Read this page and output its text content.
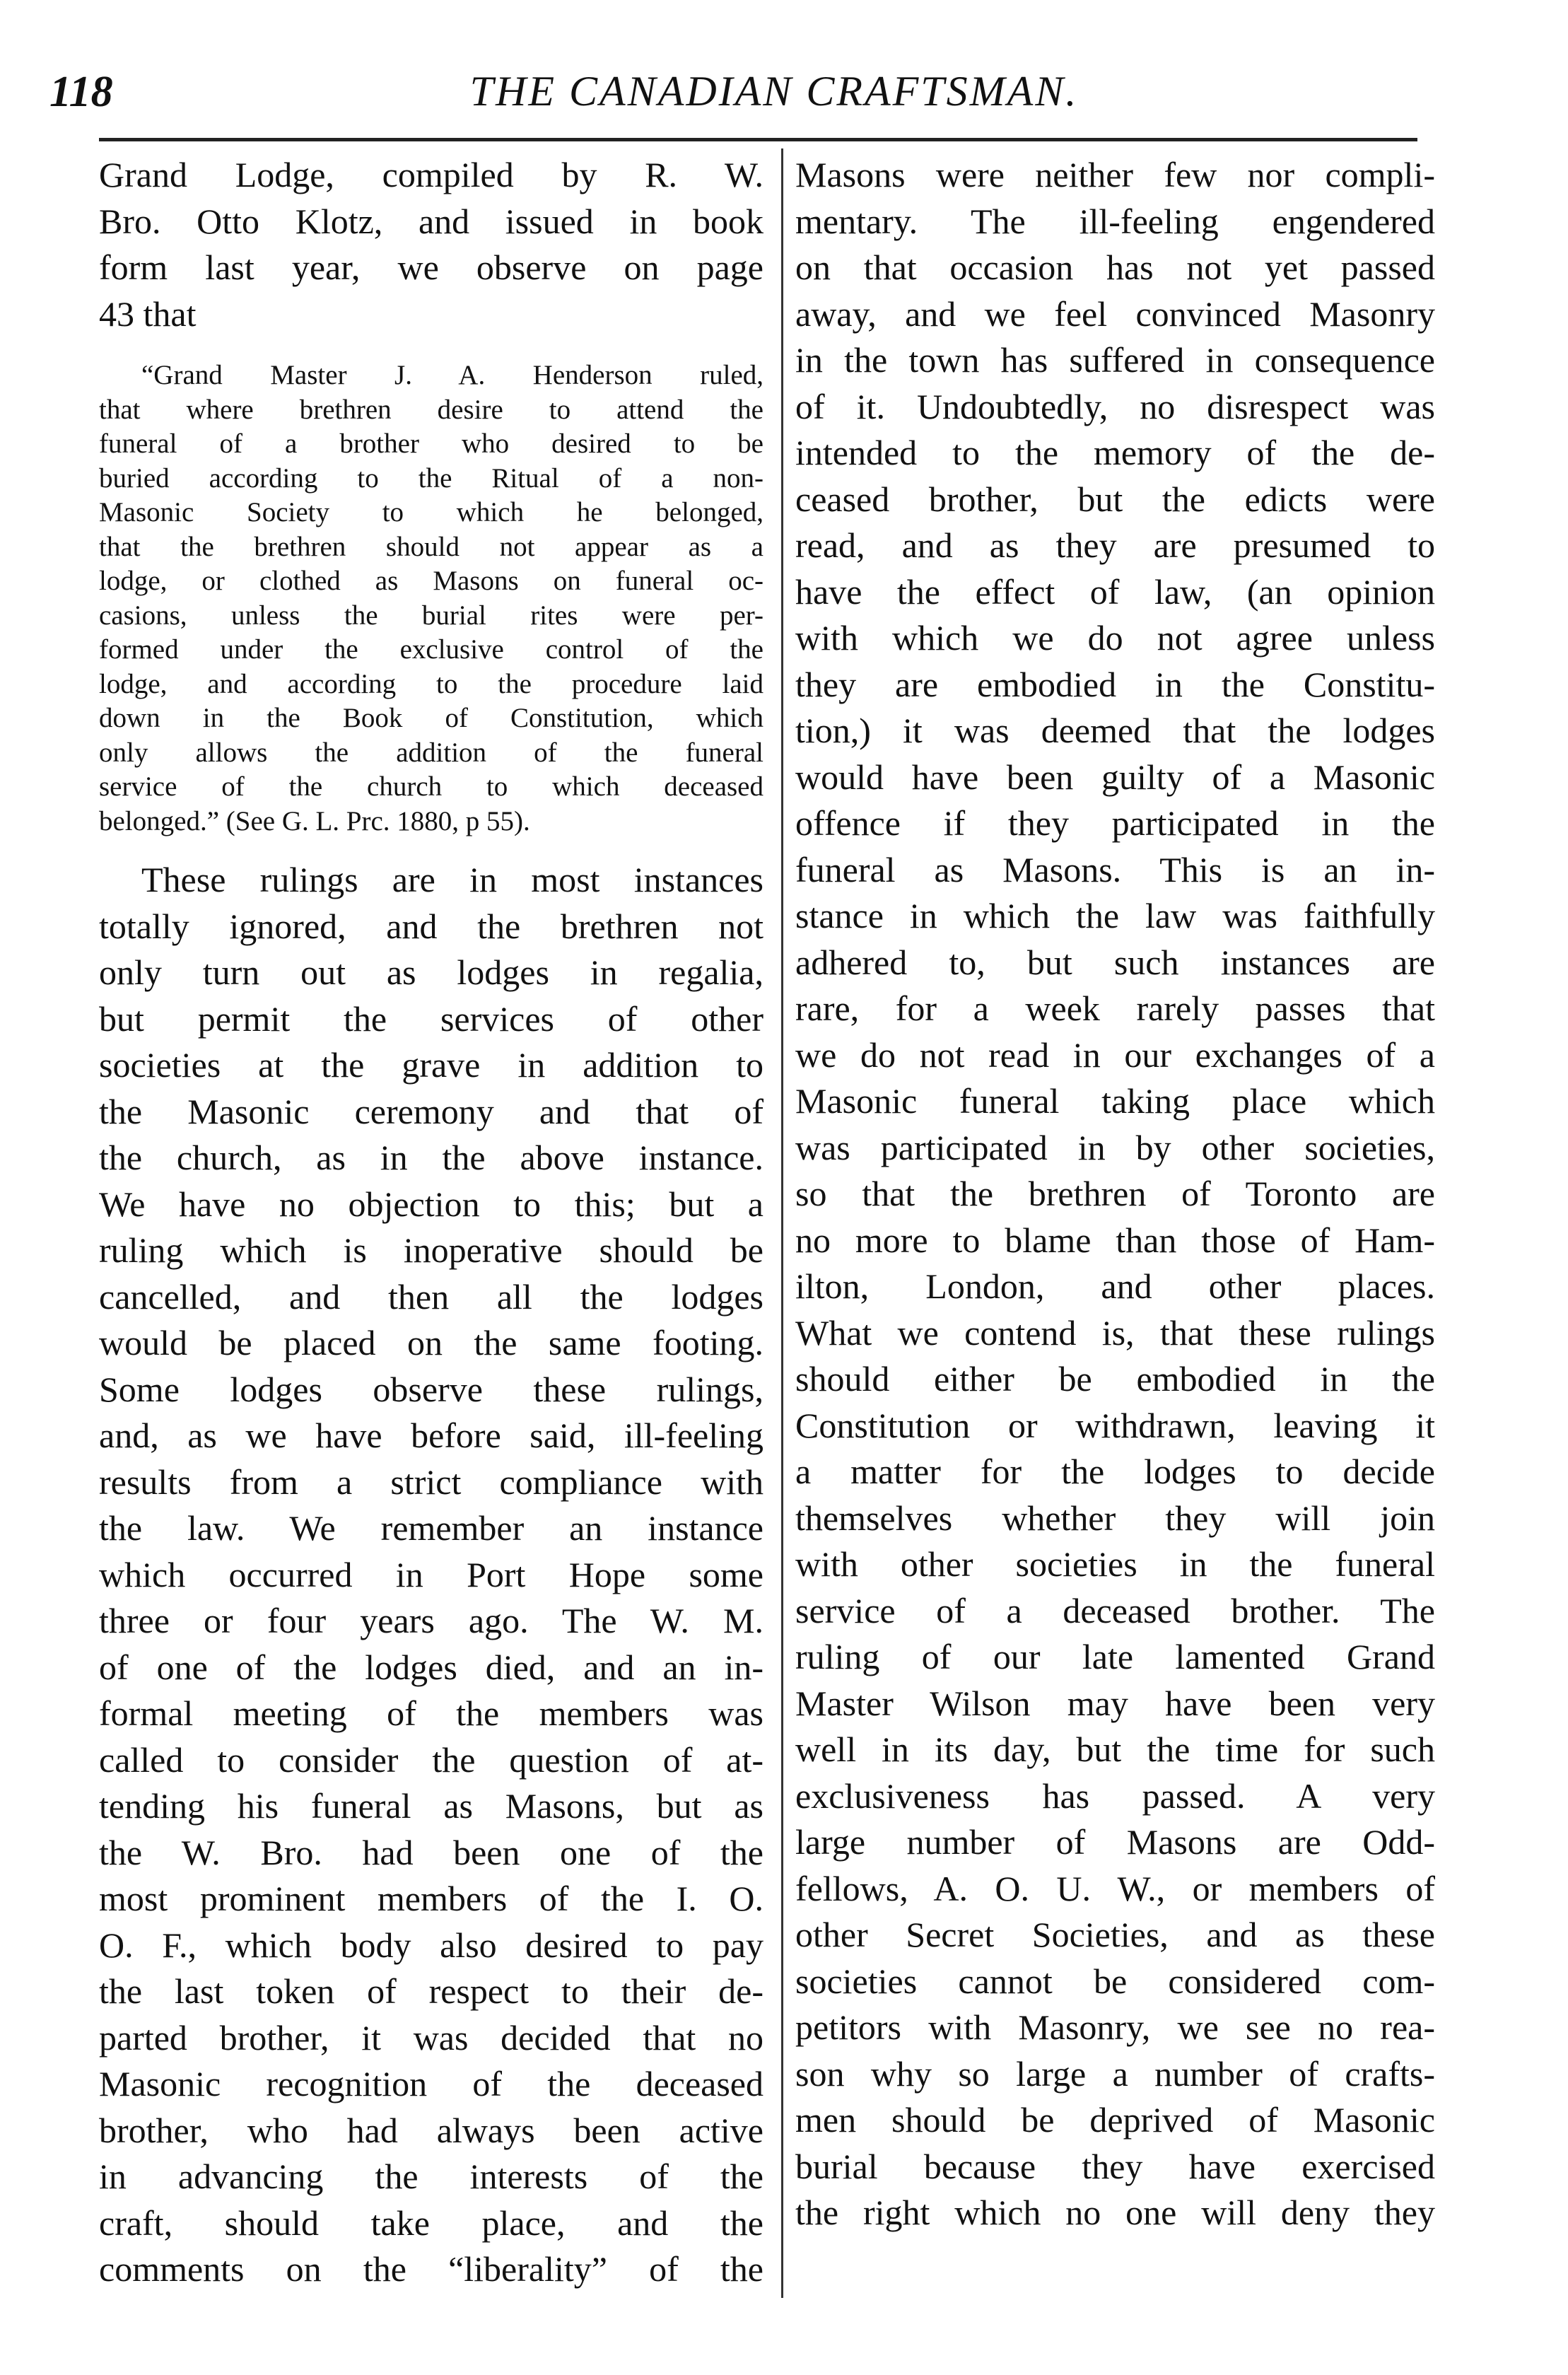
118	THE CANADIAN CRAFTSMAN.
Grand Lodge, compiled by R. W.
Bro. Otto Klotz, and issued in book
form last year, we observe on page
43 that
“Grand Master J. A. Henderson ruled,
that where brethren desire to attend the
funeral of a brother who desired to be
buried according to the Ritual of a non-
Masonic Society to which he belonged,
that the brethren should not appear as a
lodge, or clothed as Masons on funeral oc-
casions, unless the burial rites were per-
formed under the exclusive control of the
lodge, and according to the procedure laid
down in the Book of Constitution, which
only allows the addition of the funeral
service of the church to which deceased
belonged.” (See G. L. Prc. 1880, p 55).
These rulings are in most instances
totally ignored, and the brethren not
only turn out as lodges in regalia,
but permit the services of other
societies at the grave in addition to
the Masonic ceremony and that of
the church, as in the above instance.
We have no objection to this; but a
ruling which is inoperative should be
cancelled, and then all the lodges
would be placed on the same footing.
Some lodges observe these rulings,
and, as we have before said, ill-feeling
results from a strict compliance with
the law. We remember an instance
which occurred in Port Hope some
three or four years ago. The W. M.
of one of the lodges died, and an in-
formal meeting of the members was
called to consider the question of at-
tending his funeral as Masons, but as
the W. Bro. had been one of the
most prominent members of the I. O.
O. F., which body also desired to pay
the last token of respect to their de-
parted brother, it was decided that no
Masonic recognition of the deceased
brother, who had always been active
in advancing the interests of the
craft, should take place, and the
comments on the “liberality” of the
Masons were neither few nor compli-
mentary. The ill-feeling engendered
on that occasion has not yet passed
away, and we feel convinced Masonry
in the town has suffered in consequence
of it. Undoubtedly, no disrespect was
intended to the memory of the de-
ceased brother, but the edicts were
read, and as they are presumed to
have the effect of law, (an opinion
with which we do not agree unless
they are embodied in the Constitu-
tion,) it was deemed that the lodges
would have been guilty of a Masonic
offence if they participated in the
funeral as Masons. This is an in-
stance in which the law was faithfully
adhered to, but such instances are
rare, for a week rarely passes that
we do not read in our exchanges of a
Masonic funeral taking place which
was participated in by other societies,
so that the brethren of Toronto are
no more to blame than those of Ham-
ilton, London, and other places.
What we contend is, that these rulings
should either be embodied in the
Constitution or withdrawn, leaving it
a matter for the lodges to decide
themselves whether they will join
with other societies in the funeral
service of a deceased brother. The
ruling of our late lamented Grand
Master Wilson may have been very
well in its day, but the time for such
exclusiveness has passed. A very
large number of Masons are Odd-
fellows, A. O. U. W., or members of
other Secret Societies, and as these
societies cannot be considered com-
petitors with Masonry, we see no rea-
son why so large a number of crafts-
men should be deprived of Masonic
burial because they have exercised
the right which no one will deny they
